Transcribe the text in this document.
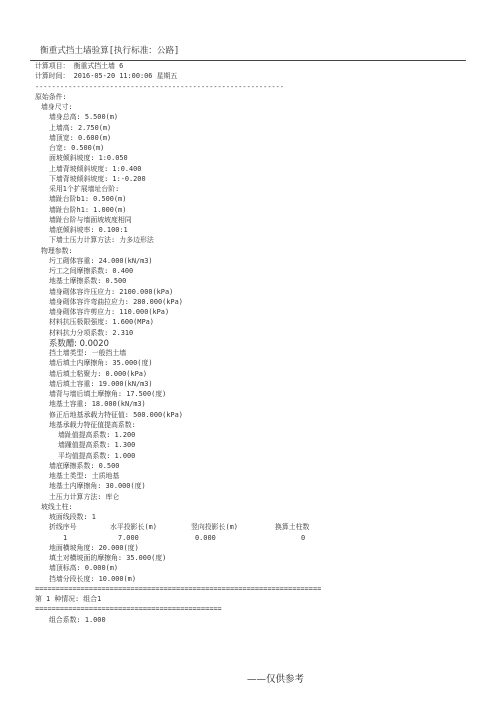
衡重式挡土墙验算[执行标准：公路]
计算项目： 衡重式挡土墙 6
计算时间： 2016-05-20 11:00:06 星期五
------------------------------------------------------------
原始条件:
墙身尺寸:
墙身总高: 5.500(m)
上墙高: 2.750(m)
墙顶宽: 0.600(m)
台宽: 0.500(m)
面坡倾斜坡度: 1:0.050
上墙背坡倾斜坡度: 1:0.400
下墙背坡倾斜坡度: 1:-0.200
采用1个扩展墙址台阶:
墙趾台阶b1: 0.500(m)
墙趾台阶h1: 1.000(m)
墙趾台阶与墙面坡坡度相同
墙底倾斜坡率: 0.100:1
下墙土压力计算方法: 力多边形法
物理参数:
圬工砌体容重: 24.000(kN/m3)
圬工之间摩擦系数: 0.400
地基土摩擦系数: 0.500
墙身砌体容许压应力: 2100.000(kPa)
墙身砌体容许弯曲拉应力: 280.000(kPa)
墙身砌体容许剪应力: 110.000(kPa)
材料抗压极限强度: 1.600(MPa)
材料抗力分项系数: 2.310
系数醩: 0.0020
挡土墙类型: 一般挡土墙
墙后填土内摩擦角: 35.000(度)
墙后填土粘聚力: 0.000(kPa)
墙后填土容重: 19.000(kN/m3)
墙背与墙后填土摩擦角: 17.500(度)
地基土容重: 18.000(kN/m3)
修正后地基承载力特征值: 500.000(kPa)
地基承载力特征值提高系数:
墙趾值提高系数: 1.200
墙踵值提高系数: 1.300
平均值提高系数: 1.000
墙底摩擦系数: 0.500
地基土类型: 土质地基
地基土内摩擦角: 30.000(度)
土压力计算方法: 库仑
坡线土柱:
坡面线段数: 1
折线序号	水平投影长(m)	竖向投影长(m)	换算土柱数
1	7.000	0.000	0
地面横坡角度: 20.000(度)
填土对横坡面的摩擦角: 35.000(度)
墙顶标高: 0.000(m)
挡墙分段长度: 10.000(m)
=====================================================================
第 1 种情况: 组合1
=============================================
组合系数: 1.000
——仅供参考
